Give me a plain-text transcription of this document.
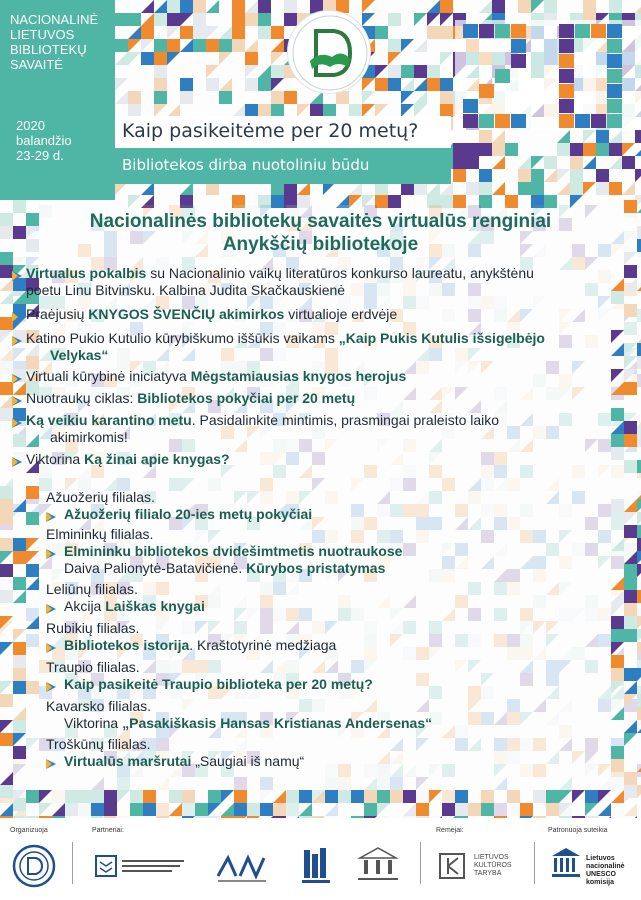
NACIONALINĖ
LIETUVOS
BIBLIOTEKŲ
SAVAITĖ
2020
balandžio
23-29 d.
Kaip pasikeitėme per 20 metų?
Bibliotekos dirba nuotoliniu būdu
Nacionalinės bibliotekų savaitės virtualūs renginiai
Anykščių bibliotekoje
Virtualus pokalbis su Nacionalinio vaikų literatūros konkurso laureatu, anykštėnu
poetu Linu Bitvinsku. Kalbina Judita Skačkauskienė
Praėjusių KNYGOS ŠVENČIŲ akimirkos virtualioje erdvėje
Katino Pukio Kutulio kūrybiškumo iššūkis vaikams „Kaip Pukis Kutulis išsigelbėjo
Velykas“
Virtuali kūrybinė iniciatyva Mėgstamiausias knygos herojus
Nuotraukų ciklas: Bibliotekos pokyčiai per 20 metų
Ką veikiu karantino metu. Pasidalinkite mintimis, prasmingai praleisto laiko
akimirkomis!
Viktorina Ką žinai apie knygas?
Ažuožerių filialas.
Ažuožerių filialo 20-ies metų pokyčiai
Elmininkų filialas.
Elmininku bibliotekos dvidešimtmetis nuotraukose
Daiva Palionytė-Batavičienė. Kūrybos pristatymas
Leliūnų filialas.
Akcija Laiškas knygai
Rubikių filialas.
Bibliotekos istorija. Kraštotyrinė medžiaga
Traupio filialas.
Kaip pasikeitė Traupio biblioteka per 20 metų?
Kavarsko filialas.
Viktorina „Pasakiškasis Hansas Kristianas Andersenas“
Troškūnų filialas.
Virtualūs maršrutai „Saugiai iš namų“
Organizuoja	Partneriai:	Remėjai:	Patronuoja suteikia
LIETUVOS
KULTŪROS
TARYBA
Lietuvos nacionalinė
UNESCO komisija
